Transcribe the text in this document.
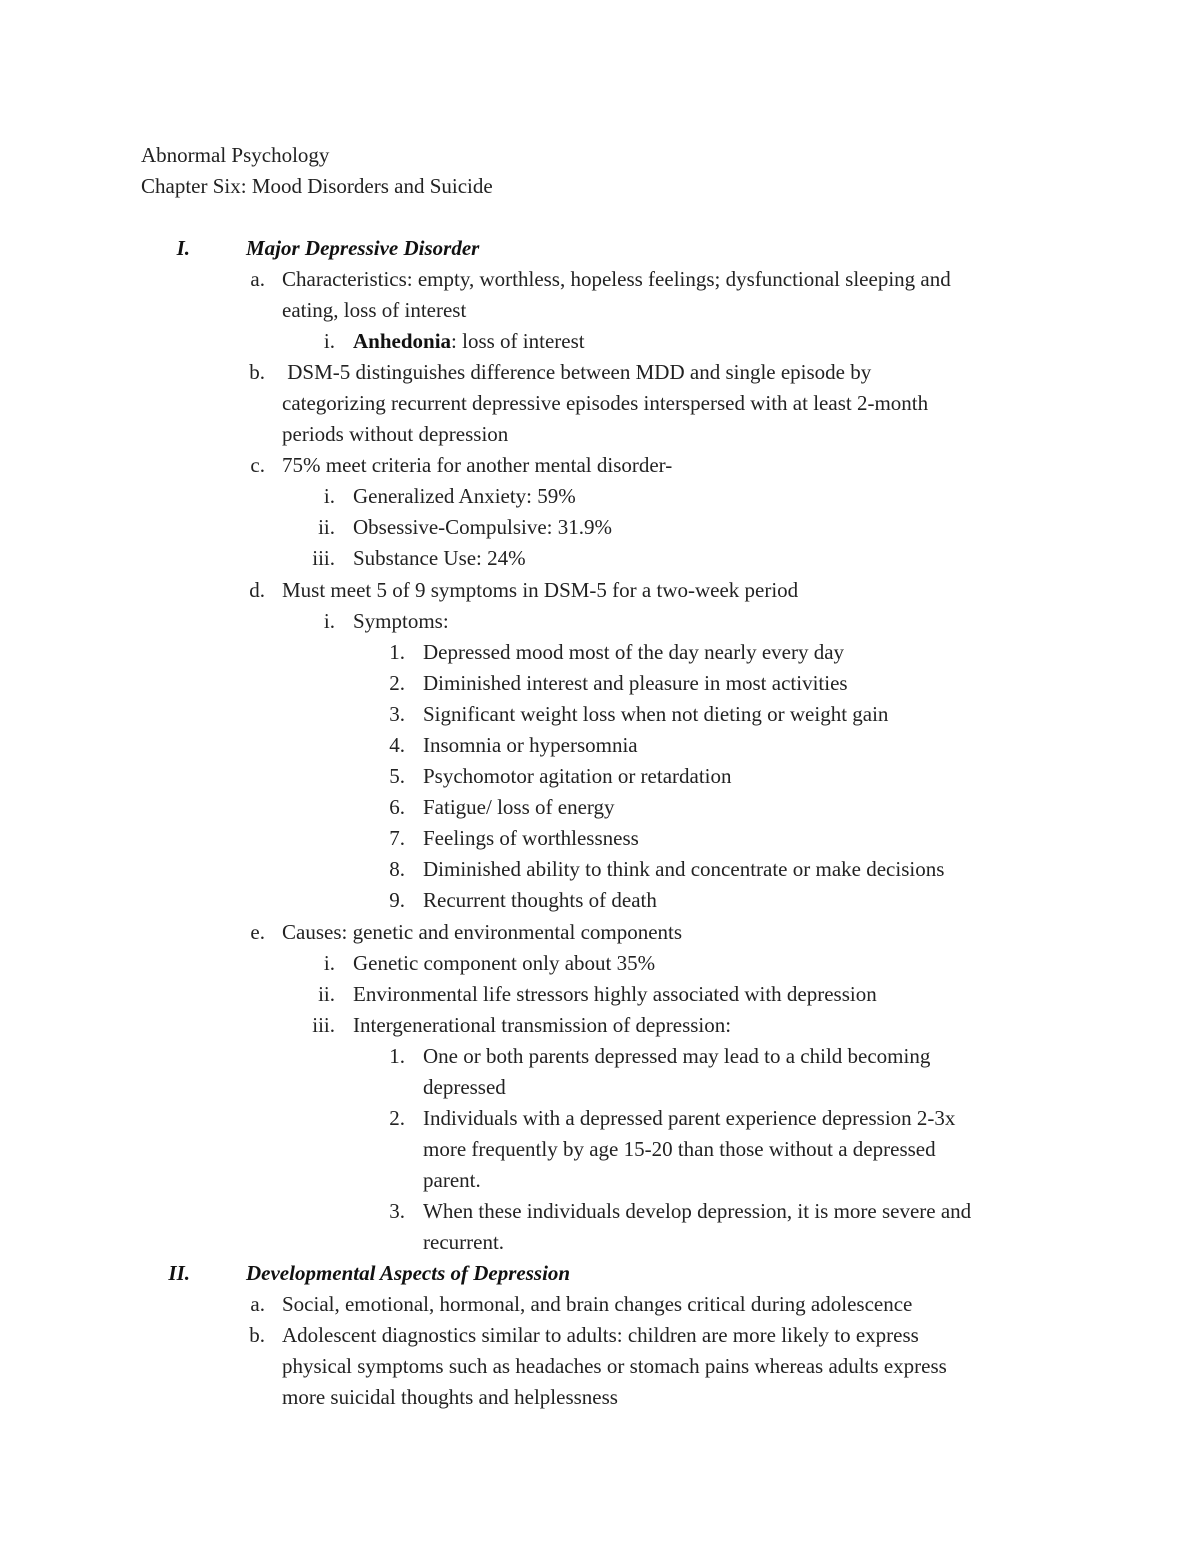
Abnormal Psychology
Chapter Six: Mood Disorders and Suicide
I.	Major Depressive Disorder
a. Characteristics: empty, worthless, hopeless feelings; dysfunctional sleeping and
eating, loss of interest
i. Anhedonia: loss of interest
b. DSM-5 distinguishes difference between MDD and single episode by
categorizing recurrent depressive episodes interspersed with at least 2-month
periods without depression
c. 75% meet criteria for another mental disorder-
i. Generalized Anxiety: 59%
ii. Obsessive-Compulsive: 31.9%
iii. Substance Use: 24%
d. Must meet 5 of 9 symptoms in DSM-5 for a two-week period
i. Symptoms:
1. Depressed mood most of the day nearly every day
2. Diminished interest and pleasure in most activities
3. Significant weight loss when not dieting or weight gain
4. Insomnia or hypersomnia
5. Psychomotor agitation or retardation
6. Fatigue/ loss of energy
7. Feelings of worthlessness
8. Diminished ability to think and concentrate or make decisions
9. Recurrent thoughts of death
e. Causes: genetic and environmental components
i. Genetic component only about 35%
ii. Environmental life stressors highly associated with depression
iii. Intergenerational transmission of depression:
1. One or both parents depressed may lead to a child becoming
depressed
2. Individuals with a depressed parent experience depression 2-3x
more frequently by age 15-20 than those without a depressed
parent.
3. When these individuals develop depression, it is more severe and
recurrent.
II.	Developmental Aspects of Depression
a. Social, emotional, hormonal, and brain changes critical during adolescence
b. Adolescent diagnostics similar to adults: children are more likely to express
physical symptoms such as headaches or stomach pains whereas adults express
more suicidal thoughts and helplessness
